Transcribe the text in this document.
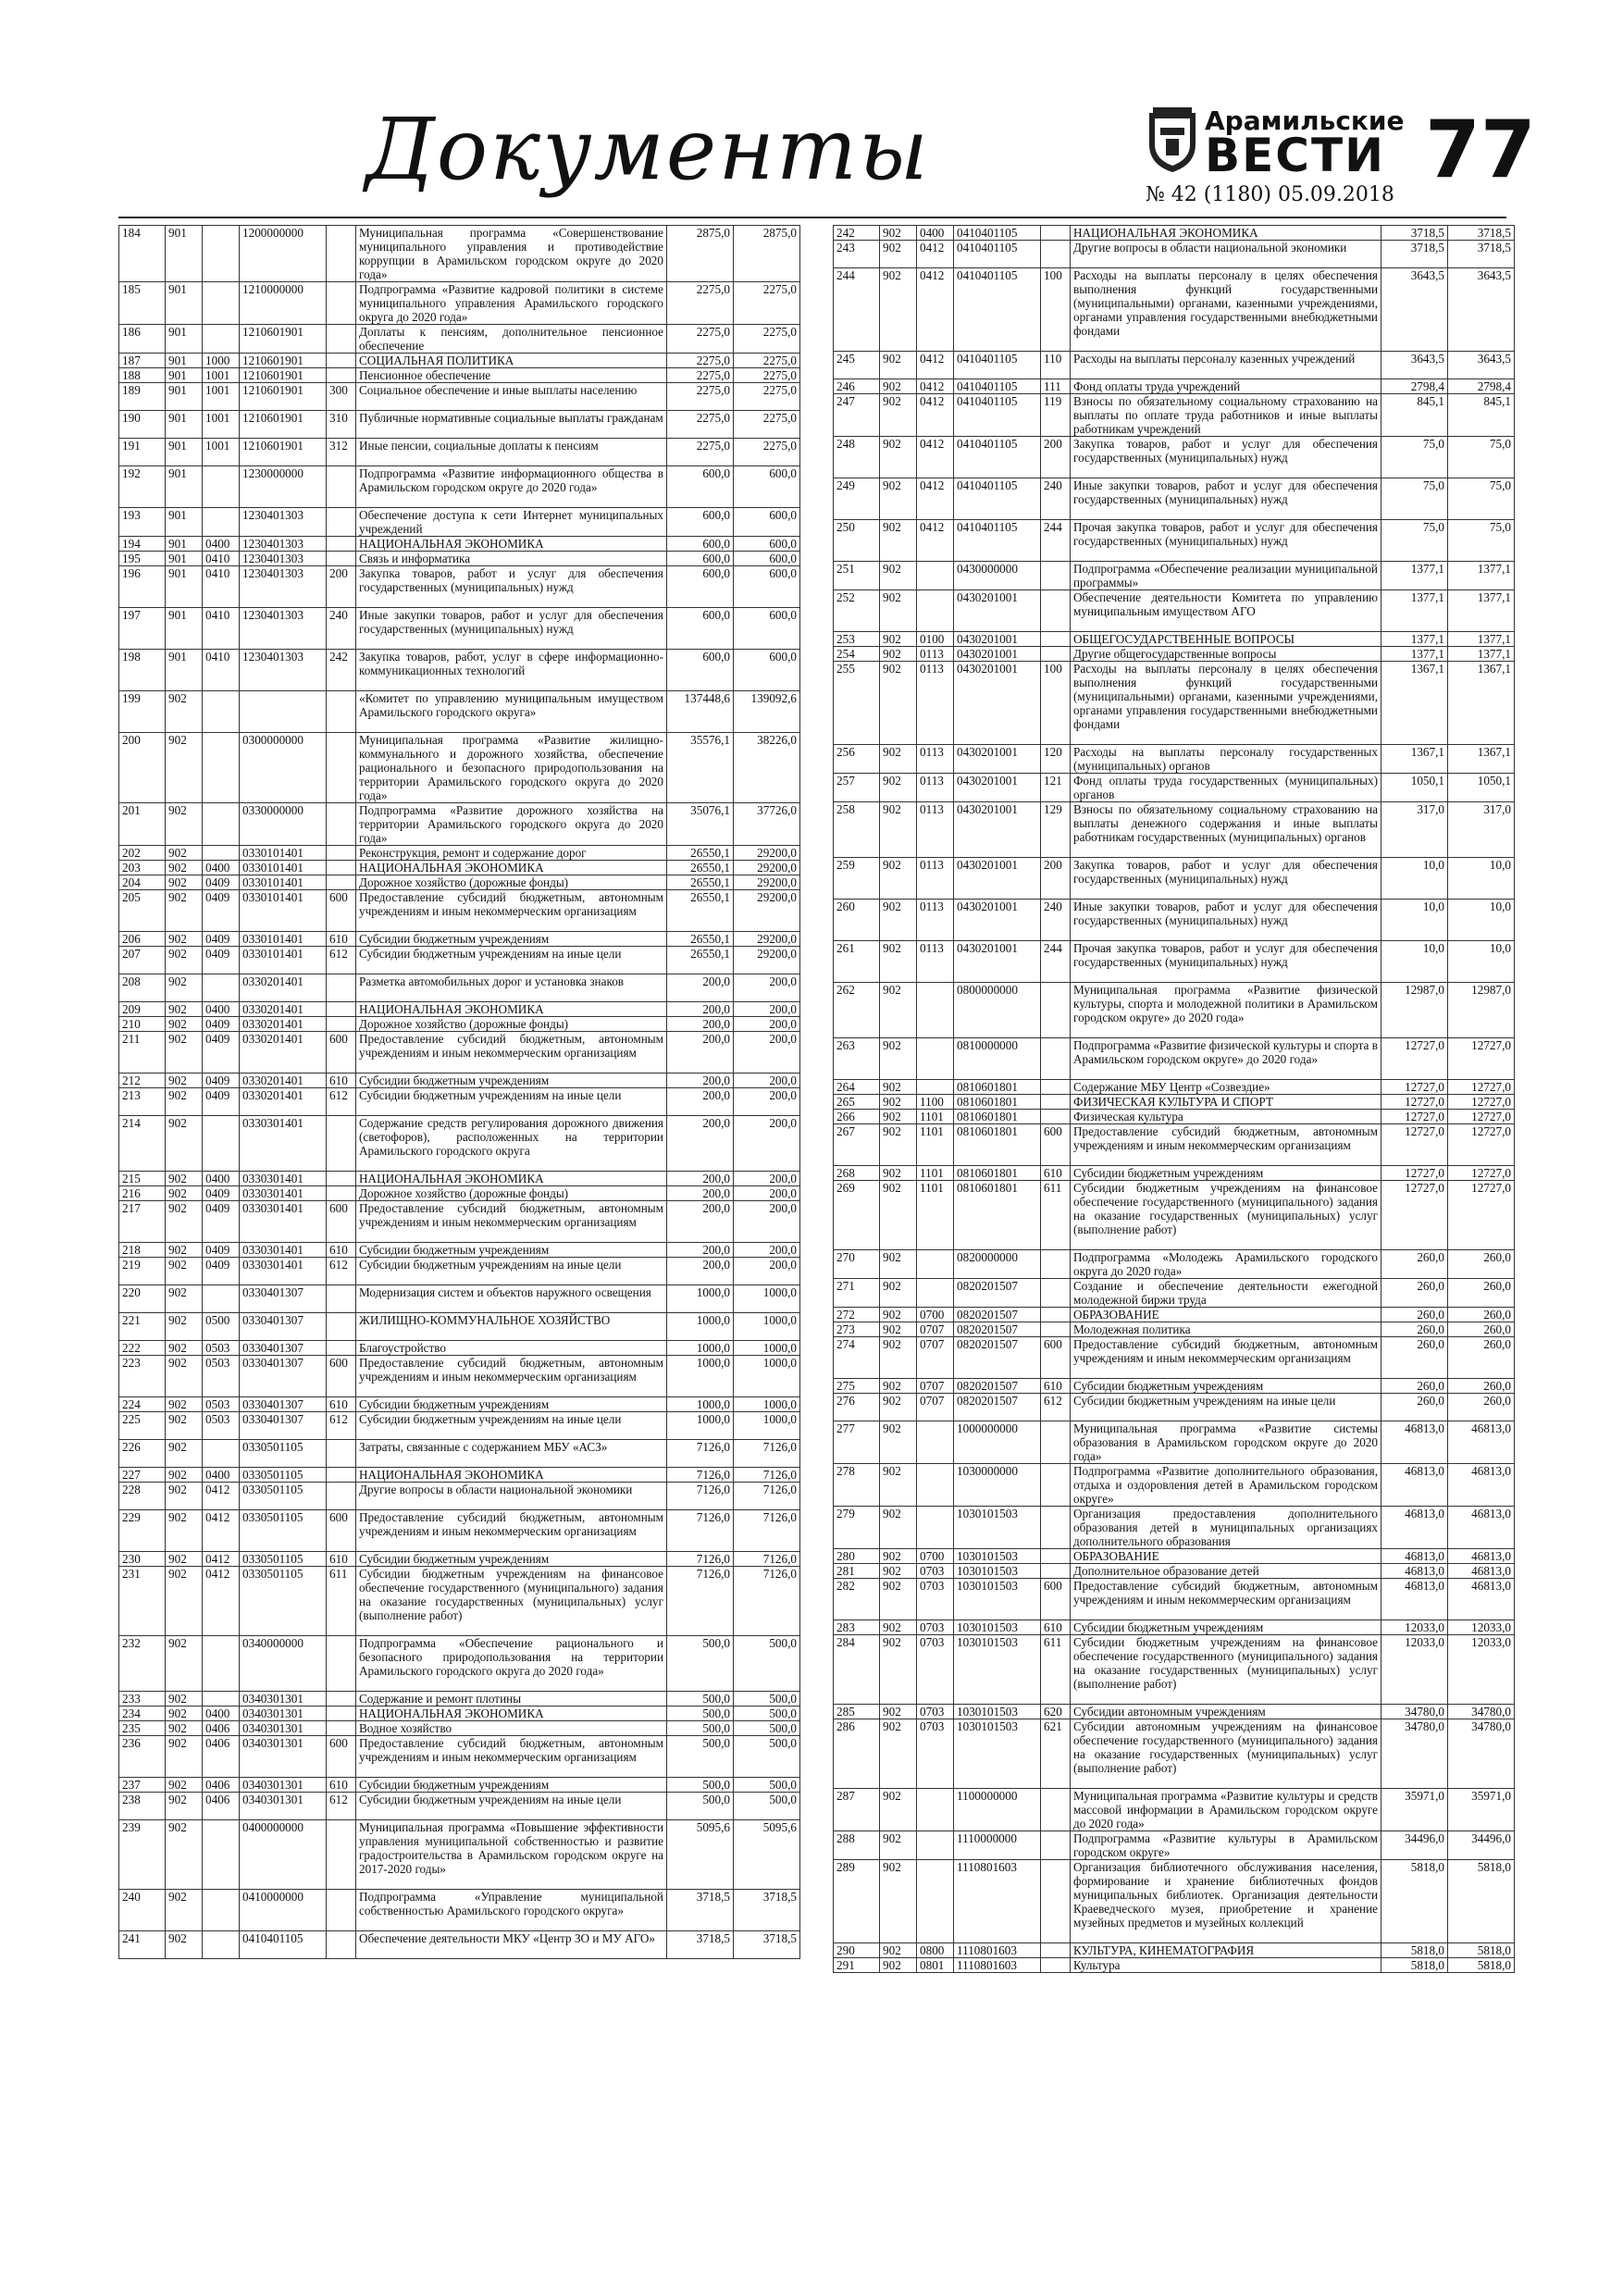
Документы	Арамильские
ВЕСТИ
№ 42 (1180) 05.09.2018 77
184	901		1200000000		Муниципальная программа «Совершенствование муниципального управления и противодействие коррупции в Арамильском городском округе до 2020 года»	2875,0	2875,0
185	901		1210000000		Подпрограмма «Развитие кадровой политики в системе муниципального управления Арамильского городского округа до 2020 года»	2275,0	2275,0
186	901		1210601901		Доплаты к пенсиям, дополнительное пенсионное обеспечение	2275,0	2275,0
187	901	1000	1210601901		СОЦИАЛЬНАЯ ПОЛИТИКА	2275,0	2275,0
188	901	1001	1210601901		Пенсионное обеспечение	2275,0	2275,0
189	901	1001	1210601901	300	Социальное обеспечение и иные выплаты населению	2275,0	2275,0
190	901	1001	1210601901	310	Публичные нормативные социальные выплаты гражданам	2275,0	2275,0
191	901	1001	1210601901	312	Иные пенсии, социальные доплаты к пенсиям	2275,0	2275,0
192	901		1230000000		Подпрограмма «Развитие информационного общества в Арамильском городском округе до 2020 года»	600,0	600,0
193	901		1230401303		Обеспечение доступа к сети Интернет муниципальных учреждений	600,0	600,0
194	901	0400	1230401303		НАЦИОНАЛЬНАЯ ЭКОНОМИКА	600,0	600,0
195	901	0410	1230401303		Связь и информатика	600,0	600,0
196	901	0410	1230401303	200	Закупка товаров, работ и услуг для обеспечения государственных (муниципальных) нужд	600,0	600,0
197	901	0410	1230401303	240	Иные закупки товаров, работ и услуг для обеспечения государственных (муниципальных) нужд	600,0	600,0
198	901	0410	1230401303	242	Закупка товаров, работ, услуг в сфере информационно-коммуникационных технологий	600,0	600,0
199	902				«Комитет по управлению муниципальным имуществом Арамильского городского округа»	137448,6	139092,6
200	902		0300000000		Муниципальная программа «Развитие жилищно-коммунального и дорожного хозяйства, обеспечение рационального и безопасного природопользования на территории Арамильского городского округа до 2020 года»	35576,1	38226,0
201	902		0330000000		Подпрограмма «Развитие дорожного хозяйства на территории Арамильского городского округа до 2020 года»	35076,1	37726,0
202	902		0330101401		Реконструкция, ремонт и содержание дорог	26550,1	29200,0
203	902	0400	0330101401		НАЦИОНАЛЬНАЯ ЭКОНОМИКА	26550,1	29200,0
204	902	0409	0330101401		Дорожное хозяйство (дорожные фонды)	26550,1	29200,0
205	902	0409	0330101401	600	Предоставление субсидий бюджетным, автономным учреждениям и иным некоммерческим организациям	26550,1	29200,0
206	902	0409	0330101401	610	Субсидии бюджетным учреждениям	26550,1	29200,0
207	902	0409	0330101401	612	Субсидии бюджетным учреждениям на иные цели	26550,1	29200,0
208	902		0330201401		Разметка автомобильных дорог и установка знаков	200,0	200,0
209	902	0400	0330201401		НАЦИОНАЛЬНАЯ ЭКОНОМИКА	200,0	200,0
210	902	0409	0330201401		Дорожное хозяйство (дорожные фонды)	200,0	200,0
211	902	0409	0330201401	600	Предоставление субсидий бюджетным, автономным учреждениям и иным некоммерческим организациям	200,0	200,0
212	902	0409	0330201401	610	Субсидии бюджетным учреждениям	200,0	200,0
213	902	0409	0330201401	612	Субсидии бюджетным учреждениям на иные цели	200,0	200,0
214	902		0330301401		Содержание средств регулирования дорожного движения (светофоров), расположенных на территории Арамильского городского округа	200,0	200,0
215	902	0400	0330301401		НАЦИОНАЛЬНАЯ ЭКОНОМИКА	200,0	200,0
216	902	0409	0330301401		Дорожное хозяйство (дорожные фонды)	200,0	200,0
217	902	0409	0330301401	600	Предоставление субсидий бюджетным, автономным учреждениям и иным некоммерческим организациям	200,0	200,0
218	902	0409	0330301401	610	Субсидии бюджетным учреждениям	200,0	200,0
219	902	0409	0330301401	612	Субсидии бюджетным учреждениям на иные цели	200,0	200,0
220	902		0330401307		Модернизация систем и объектов наружного освещения	1000,0	1000,0
221	902	0500	0330401307		ЖИЛИЩНО-КОММУНАЛЬНОЕ ХОЗЯЙСТВО	1000,0	1000,0
222	902	0503	0330401307		Благоустройство	1000,0	1000,0
223	902	0503	0330401307	600	Предоставление субсидий бюджетным, автономным учреждениям и иным некоммерческим организациям	1000,0	1000,0
224	902	0503	0330401307	610	Субсидии бюджетным учреждениям	1000,0	1000,0
225	902	0503	0330401307	612	Субсидии бюджетным учреждениям на иные цели	1000,0	1000,0
226	902		0330501105		Затраты, связанные с содержанием МБУ «АСЗ»	7126,0	7126,0
227	902	0400	0330501105		НАЦИОНАЛЬНАЯ ЭКОНОМИКА	7126,0	7126,0
228	902	0412	0330501105		Другие вопросы в области национальной экономики	7126,0	7126,0
229	902	0412	0330501105	600	Предоставление субсидий бюджетным, автономным учреждениям и иным некоммерческим организациям	7126,0	7126,0
230	902	0412	0330501105	610	Субсидии бюджетным учреждениям	7126,0	7126,0
231	902	0412	0330501105	611	Субсидии бюджетным учреждениям на финансовое обеспечение государственного (муниципального) задания на оказание государственных (муниципальных) услуг (выполнение работ)	7126,0	7126,0
232	902		0340000000		Подпрограмма «Обеспечение рационального и безопасного природопользования на территории Арамильского городского округа до 2020 года»	500,0	500,0
233	902		0340301301		Содержание и ремонт плотины	500,0	500,0
234	902	0400	0340301301		НАЦИОНАЛЬНАЯ ЭКОНОМИКА	500,0	500,0
235	902	0406	0340301301		Водное хозяйство	500,0	500,0
236	902	0406	0340301301	600	Предоставление субсидий бюджетным, автономным учреждениям и иным некоммерческим организациям	500,0	500,0
237	902	0406	0340301301	610	Субсидии бюджетным учреждениям	500,0	500,0
238	902	0406	0340301301	612	Субсидии бюджетным учреждениям на иные цели	500,0	500,0
239	902		0400000000		Муниципальная программа «Повышение эффективности управления муниципальной собственностью и развитие градостроительства в Арамильском городском округе на 2017-2020 годы»	5095,6	5095,6
240	902		0410000000		Подпрограмма «Управление муниципальной собственностью Арамильского городского округа»	3718,5	3718,5
241	902		0410401105		Обеспечение деятельности МКУ «Центр ЗО и МУ АГО»	3718,5	3718,5
242	902	0400	0410401105		НАЦИОНАЛЬНАЯ ЭКОНОМИКА	3718,5	3718,5
243	902	0412	0410401105		Другие вопросы в области национальной экономики	3718,5	3718,5
244	902	0412	0410401105	100	Расходы на выплаты персоналу в целях обеспечения выполнения функций государственными (муниципальными) органами, казенными учреждениями, органами управления государственными внебюджетными фондами	3643,5	3643,5
245	902	0412	0410401105	110	Расходы на выплаты персоналу казенных учреждений	3643,5	3643,5
246	902	0412	0410401105	111	Фонд оплаты труда учреждений	2798,4	2798,4
247	902	0412	0410401105	119	Взносы по обязательному социальному страхованию на выплаты по оплате труда работников и иные выплаты работникам учреждений	845,1	845,1
248	902	0412	0410401105	200	Закупка товаров, работ и услуг для обеспечения государственных (муниципальных) нужд	75,0	75,0
249	902	0412	0410401105	240	Иные закупки товаров, работ и услуг для обеспечения государственных (муниципальных) нужд	75,0	75,0
250	902	0412	0410401105	244	Прочая закупка товаров, работ и услуг для обеспечения государственных (муниципальных) нужд	75,0	75,0
251	902		0430000000		Подпрограмма «Обеспечение реализации муниципальной программы»	1377,1	1377,1
252	902		0430201001		Обеспечение деятельности Комитета по управлению муниципальным имуществом АГО	1377,1	1377,1
253	902	0100	0430201001		ОБЩЕГОСУДАРСТВЕННЫЕ ВОПРОСЫ	1377,1	1377,1
254	902	0113	0430201001		Другие общегосударственные вопросы	1377,1	1377,1
255	902	0113	0430201001	100	Расходы на выплаты персоналу в целях обеспечения выполнения функций государственными (муниципальными) органами, казенными учреждениями, органами управления государственными внебюджетными фондами	1367,1	1367,1
256	902	0113	0430201001	120	Расходы на выплаты персоналу государственных (муниципальных) органов	1367,1	1367,1
257	902	0113	0430201001	121	Фонд оплаты труда государственных (муниципальных) органов	1050,1	1050,1
258	902	0113	0430201001	129	Взносы по обязательному социальному страхованию на выплаты денежного содержания и иные выплаты работникам государственных (муниципальных) органов	317,0	317,0
259	902	0113	0430201001	200	Закупка товаров, работ и услуг для обеспечения государственных (муниципальных) нужд	10,0	10,0
260	902	0113	0430201001	240	Иные закупки товаров, работ и услуг для обеспечения государственных (муниципальных) нужд	10,0	10,0
261	902	0113	0430201001	244	Прочая закупка товаров, работ и услуг для обеспечения государственных (муниципальных) нужд	10,0	10,0
262	902		0800000000		Муниципальная программа «Развитие физической культуры, спорта и молодежной политики в Арамильском городском округе» до 2020 года»	12987,0	12987,0
263	902		0810000000		Подпрограмма «Развитие физической культуры и спорта в Арамильском городском округе» до 2020 года»	12727,0	12727,0
264	902		0810601801		Содержание МБУ Центр «Созвездие»	12727,0	12727,0
265	902	1100	0810601801		ФИЗИЧЕСКАЯ КУЛЬТУРА И СПОРТ	12727,0	12727,0
266	902	1101	0810601801		Физическая культура	12727,0	12727,0
267	902	1101	0810601801	600	Предоставление субсидий бюджетным, автономным учреждениям и иным некоммерческим организациям	12727,0	12727,0
268	902	1101	0810601801	610	Субсидии бюджетным учреждениям	12727,0	12727,0
269	902	1101	0810601801	611	Субсидии бюджетным учреждениям на финансовое обеспечение государственного (муниципального) задания на оказание государственных (муниципальных) услуг (выполнение работ)	12727,0	12727,0
270	902		0820000000		Подпрограмма «Молодежь Арамильского городского округа до 2020 года»	260,0	260,0
271	902		0820201507		Создание и обеспечение деятельности ежегодной молодежной биржи труда	260,0	260,0
272	902	0700	0820201507		ОБРАЗОВАНИЕ	260,0	260,0
273	902	0707	0820201507		Молодежная политика	260,0	260,0
274	902	0707	0820201507	600	Предоставление субсидий бюджетным, автономным учреждениям и иным некоммерческим организациям	260,0	260,0
275	902	0707	0820201507	610	Субсидии бюджетным учреждениям	260,0	260,0
276	902	0707	0820201507	612	Субсидии бюджетным учреждениям на иные цели	260,0	260,0
277	902		1000000000		Муниципальная программа «Развитие системы образования в Арамильском городском округе до 2020 года»	46813,0	46813,0
278	902		1030000000		Подпрограмма «Развитие дополнительного образования, отдыха и оздоровления детей в Арамильском городском округе»	46813,0	46813,0
279	902		1030101503		Организация предоставления дополнительного образования детей в муниципальных организациях дополнительного образования	46813,0	46813,0
280	902	0700	1030101503		ОБРАЗОВАНИЕ	46813,0	46813,0
281	902	0703	1030101503		Дополнительное образование детей	46813,0	46813,0
282	902	0703	1030101503	600	Предоставление субсидий бюджетным, автономным учреждениям и иным некоммерческим организациям	46813,0	46813,0
283	902	0703	1030101503	610	Субсидии бюджетным учреждениям	12033,0	12033,0
284	902	0703	1030101503	611	Субсидии бюджетным учреждениям на финансовое обеспечение государственного (муниципального) задания на оказание государственных (муниципальных) услуг (выполнение работ)	12033,0	12033,0
285	902	0703	1030101503	620	Субсидии автономным учреждениям	34780,0	34780,0
286	902	0703	1030101503	621	Субсидии автономным учреждениям на финансовое обеспечение государственного (муниципального) задания на оказание государственных (муниципальных) услуг (выполнение работ)	34780,0	34780,0
287	902		1100000000		Муниципальная программа «Развитие культуры и средств массовой информации в Арамильском городском округе до 2020 года»	35971,0	35971,0
288	902		1110000000		Подпрограмма «Развитие культуры в Арамильском городском округе»	34496,0	34496,0
289	902		1110801603		Организация библиотечного обслуживания населения, формирование и хранение библиотечных фондов муниципальных библиотек. Организация деятельности Краеведческого музея, приобретение и хранение музейных предметов и музейных коллекций	5818,0	5818,0
290	902	0800	1110801603		КУЛЬТУРА, КИНЕМАТОГРАФИЯ	5818,0	5818,0
291	902	0801	1110801603		Культура	5818,0	5818,0
